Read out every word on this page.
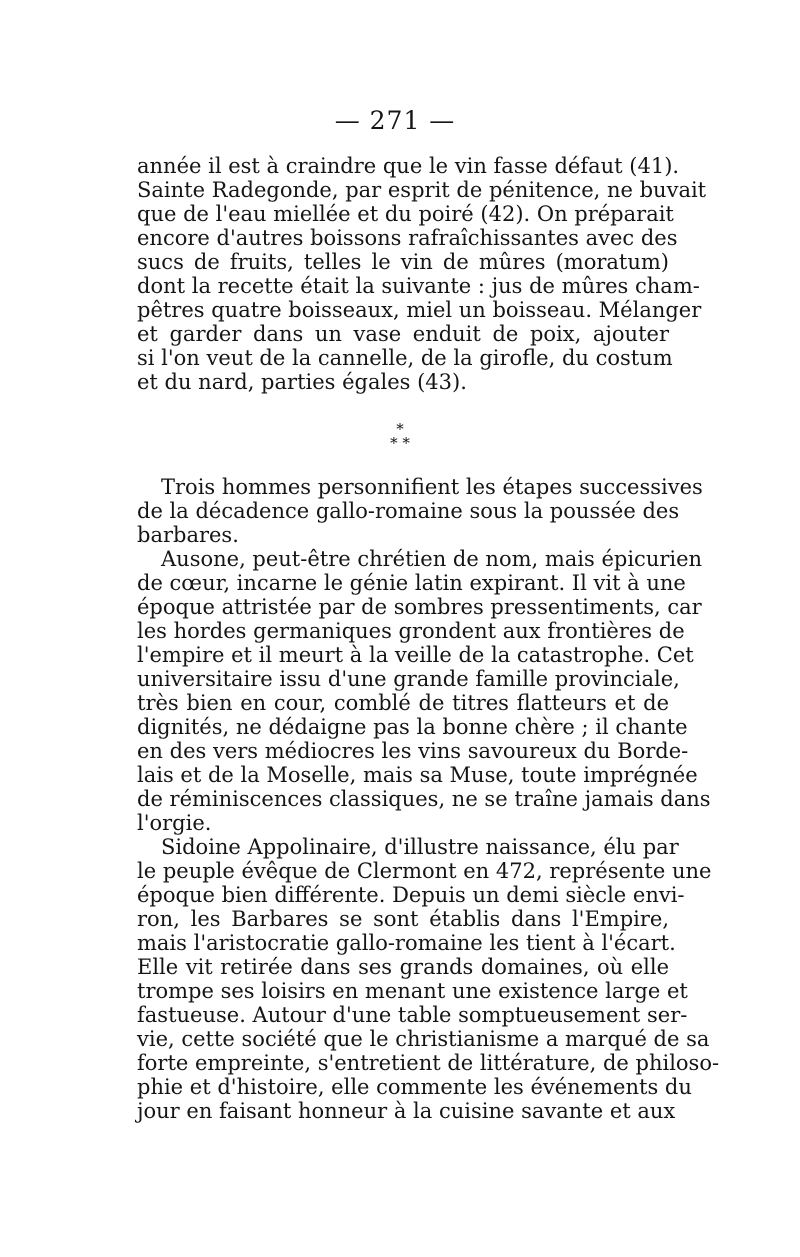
— 271 —
année il est à craindre que le vin fasse défaut (41).
Sainte Radegonde, par esprit de pénitence, ne buvait
que de l'eau miellée et du poiré (42). On préparait
encore d'autres boissons rafraîchissantes avec des
sucs de fruits, telles le vin de mûres (moratum)
dont la recette était la suivante : jus de mûres cham-
pêtres quatre boisseaux, miel un boisseau. Mélanger
et garder dans un vase enduit de poix, ajouter
si l'on veut de la cannelle, de la girofle, du costum
et du nard, parties égales (43).
*
* *
Trois hommes personnifient les étapes successives
de la décadence gallo-romaine sous la poussée des
barbares.
Ausone, peut-être chrétien de nom, mais épicurien
de cœur, incarne le génie latin expirant. Il vit à une
époque attristée par de sombres pressentiments, car
les hordes germaniques grondent aux frontières de
l'empire et il meurt à la veille de la catastrophe. Cet
universitaire issu d'une grande famille provinciale,
très bien en cour, comblé de titres flatteurs et de
dignités, ne dédaigne pas la bonne chère ; il chante
en des vers médiocres les vins savoureux du Borde-
lais et de la Moselle, mais sa Muse, toute imprégnée
de réminiscences classiques, ne se traîne jamais dans
l'orgie.
Sidoine Appolinaire, d'illustre naissance, élu par
le peuple évêque de Clermont en 472, représente une
époque bien différente. Depuis un demi siècle envi-
ron, les Barbares se sont établis dans l'Empire,
mais l'aristocratie gallo-romaine les tient à l'écart.
Elle vit retirée dans ses grands domaines, où elle
trompe ses loisirs en menant une existence large et
fastueuse. Autour d'une table somptueusement ser-
vie, cette société que le christianisme a marqué de sa
forte empreinte, s'entretient de littérature, de philoso-
phie et d'histoire, elle commente les événements du
jour en faisant honneur à la cuisine savante et aux
